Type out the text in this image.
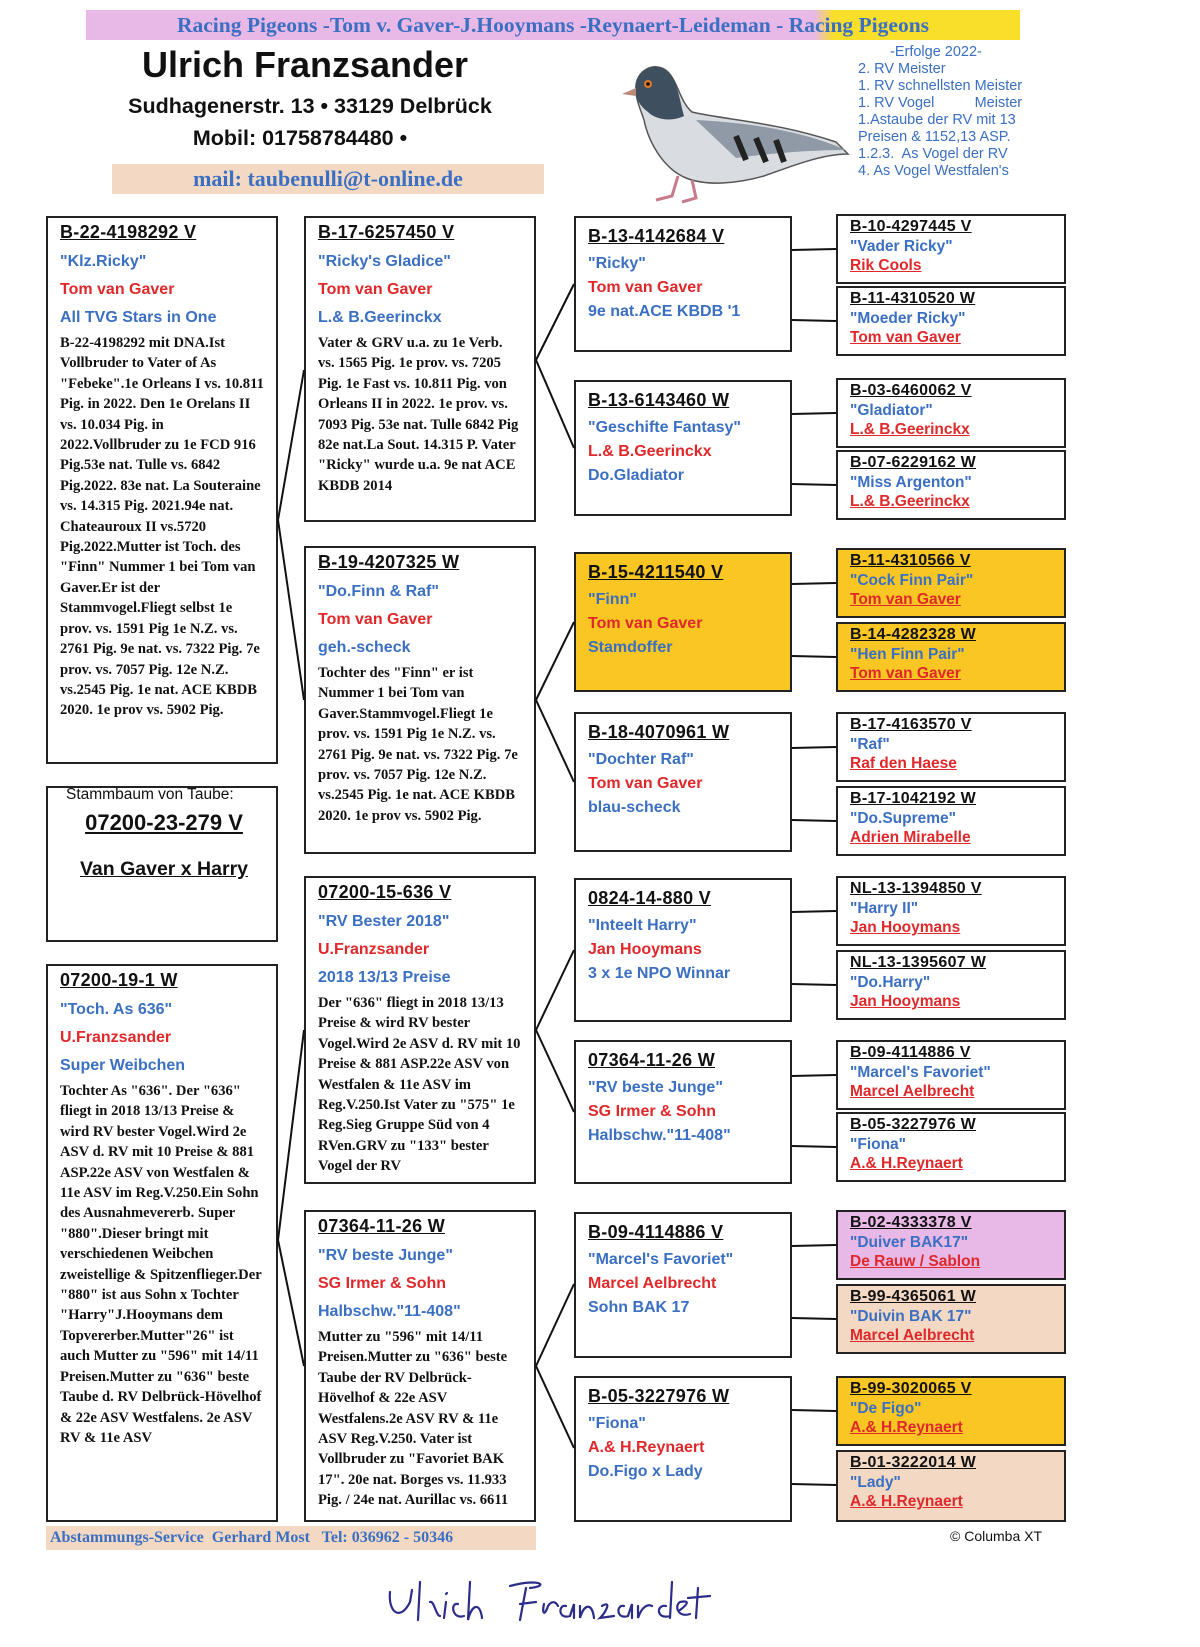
Racing Pigeons -Tom v. Gaver-J.Hooymans -Reynaert-Leideman - Racing Pigeons
Ulrich Franzsander
Sudhagenerstr. 13 • 33129 Delbrück
Mobil: 01758784480 •
mail: taubenulli@t-online.de
-Erfolge 2022-
2. RV Meister
1. RV schnellsten Meister
1. RV Vogel          Meister
1.Astaube der RV mit 13
Preisen & 1152,13 ASP.
1.2.3.  As Vogel der RV
4. As Vogel Westfalen's
B-22-4198292 V
"Klz.Ricky"
Tom van Gaver
All TVG Stars in One
B-22-4198292 mit DNA.Ist Vollbruder to Vater of As "Febeke".1e Orleans I vs. 10.811 Pig. in 2022. Den 1e Orelans II vs. 10.034 Pig. in 2022.Vollbruder zu 1e FCD 916 Pig.53e nat. Tulle vs. 6842 Pig.2022. 83e nat. La Souteraine vs. 14.315 Pig. 2021.94e nat. Chateauroux II vs.5720 Pig.2022.Mutter ist Toch. des "Finn" Nummer 1 bei Tom van Gaver.Er ist der Stammvogel.Fliegt selbst 1e prov. vs. 1591 Pig 1e N.Z. vs. 2761 Pig. 9e nat. vs. 7322 Pig. 7e prov. vs. 7057 Pig. 12e N.Z. vs.2545 Pig. 1e nat. ACE KBDB 2020. 1e prov vs. 5902 Pig.
Stammbaum von Taube:
07200-23-279 V
Van Gaver x Harry
07200-19-1 W
"Toch. As 636"
U.Franzsander
Super Weibchen
Tochter As "636". Der "636" fliegt in 2018 13/13 Preise & wird RV bester Vogel.Wird 2e ASV d. RV mit 10 Preise & 881 ASP.22e ASV von Westfalen & 11e ASV im Reg.V.250.Ein Sohn des Ausnahmevererb. Super "880".Dieser bringt mit verschiedenen Weibchen zweistellige & Spitzenflieger.Der "880" ist aus Sohn x Tochter "Harry"J.Hooymans dem Topvererber.Mutter"26" ist auch Mutter zu "596" mit 14/11 Preisen.Mutter zu "636" beste Taube d. RV Delbrück-Hövelhof & 22e ASV Westfalens. 2e ASV RV & 11e ASV
B-17-6257450 V
"Ricky's Gladice"
Tom van Gaver
L.& B.Geerinckx
Vater & GRV u.a. zu 1e Verb. vs. 1565 Pig. 1e prov. vs. 7205 Pig. 1e Fast vs. 10.811 Pig. von Orleans II in 2022. 1e prov. vs. 7093 Pig. 53e nat. Tulle 6842 Pig 82e nat.La Sout. 14.315 P. Vater "Ricky" wurde u.a. 9e nat ACE KBDB 2014
B-19-4207325 W
"Do.Finn & Raf"
Tom van Gaver
geh.-scheck
Tochter des "Finn" er ist Nummer 1 bei Tom van Gaver.Stammvogel.Fliegt 1e prov. vs. 1591 Pig 1e N.Z. vs. 2761 Pig. 9e nat. vs. 7322 Pig. 7e prov. vs. 7057 Pig. 12e N.Z. vs.2545 Pig. 1e nat. ACE KBDB 2020. 1e prov vs. 5902 Pig.
07200-15-636 V
"RV Bester 2018"
U.Franzsander
2018 13/13 Preise
Der "636" fliegt in 2018 13/13 Preise & wird RV bester Vogel.Wird 2e ASV d. RV mit 10 Preise & 881 ASP.22e ASV von Westfalen & 11e ASV im Reg.V.250.Ist Vater zu "575" 1e Reg.Sieg Gruppe Süd von 4 RVen.GRV zu "133" bester Vogel der RV
07364-11-26 W
"RV beste Junge"
SG Irmer & Sohn
Halbschw."11-408"
Mutter zu "596" mit 14/11 Preisen.Mutter zu "636" beste Taube der RV Delbrück-Hövelhof & 22e ASV Westfalens.2e ASV RV & 11e ASV Reg.V.250. Vater ist Vollbruder zu "Favoriet BAK 17". 20e nat. Borges vs. 11.933 Pig. / 24e nat. Aurillac vs. 6611
B-13-4142684 V
"Ricky"
Tom van Gaver
9e nat.ACE KBDB '1
B-13-6143460 W
"Geschifte Fantasy"
L.& B.Geerinckx
Do.Gladiator
B-15-4211540 V
"Finn"
Tom van Gaver
Stamdoffer
B-18-4070961 W
"Dochter Raf"
Tom van Gaver
blau-scheck
0824-14-880 V
"Inteelt Harry"
Jan Hooymans
3 x 1e NPO Winnar
07364-11-26 W
"RV beste Junge"
SG Irmer & Sohn
Halbschw."11-408"
B-09-4114886 V
"Marcel's Favoriet"
Marcel Aelbrecht
Sohn BAK 17
B-05-3227976 W
"Fiona"
A.& H.Reynaert
Do.Figo x Lady
B-10-4297445 V
"Vader Ricky"
Rik Cools
B-11-4310520 W
"Moeder Ricky"
Tom van Gaver
B-03-6460062 V
"Gladiator"
L.& B.Geerinckx
B-07-6229162 W
"Miss Argenton"
L.& B.Geerinckx
B-11-4310566 V
"Cock Finn Pair"
Tom van Gaver
B-14-4282328 W
"Hen Finn Pair"
Tom van Gaver
B-17-4163570 V
"Raf"
Raf den Haese
B-17-1042192 W
"Do.Supreme"
Adrien Mirabelle
NL-13-1394850 V
"Harry II"
Jan Hooymans
NL-13-1395607 W
"Do.Harry"
Jan Hooymans
B-09-4114886 V
"Marcel's Favoriet"
Marcel Aelbrecht
B-05-3227976 W
"Fiona"
A.& H.Reynaert
B-02-4333378 V
"Duiver BAK17"
De Rauw / Sablon
B-99-4365061 W
"Duivin BAK 17"
Marcel Aelbrecht
B-99-3020065 V
"De Figo"
A.& H.Reynaert
B-01-3222014 W
"Lady"
A.& H.Reynaert
Abstammungs-Service  Gerhard Most   Tel: 036962 - 50346	© Columba XT
